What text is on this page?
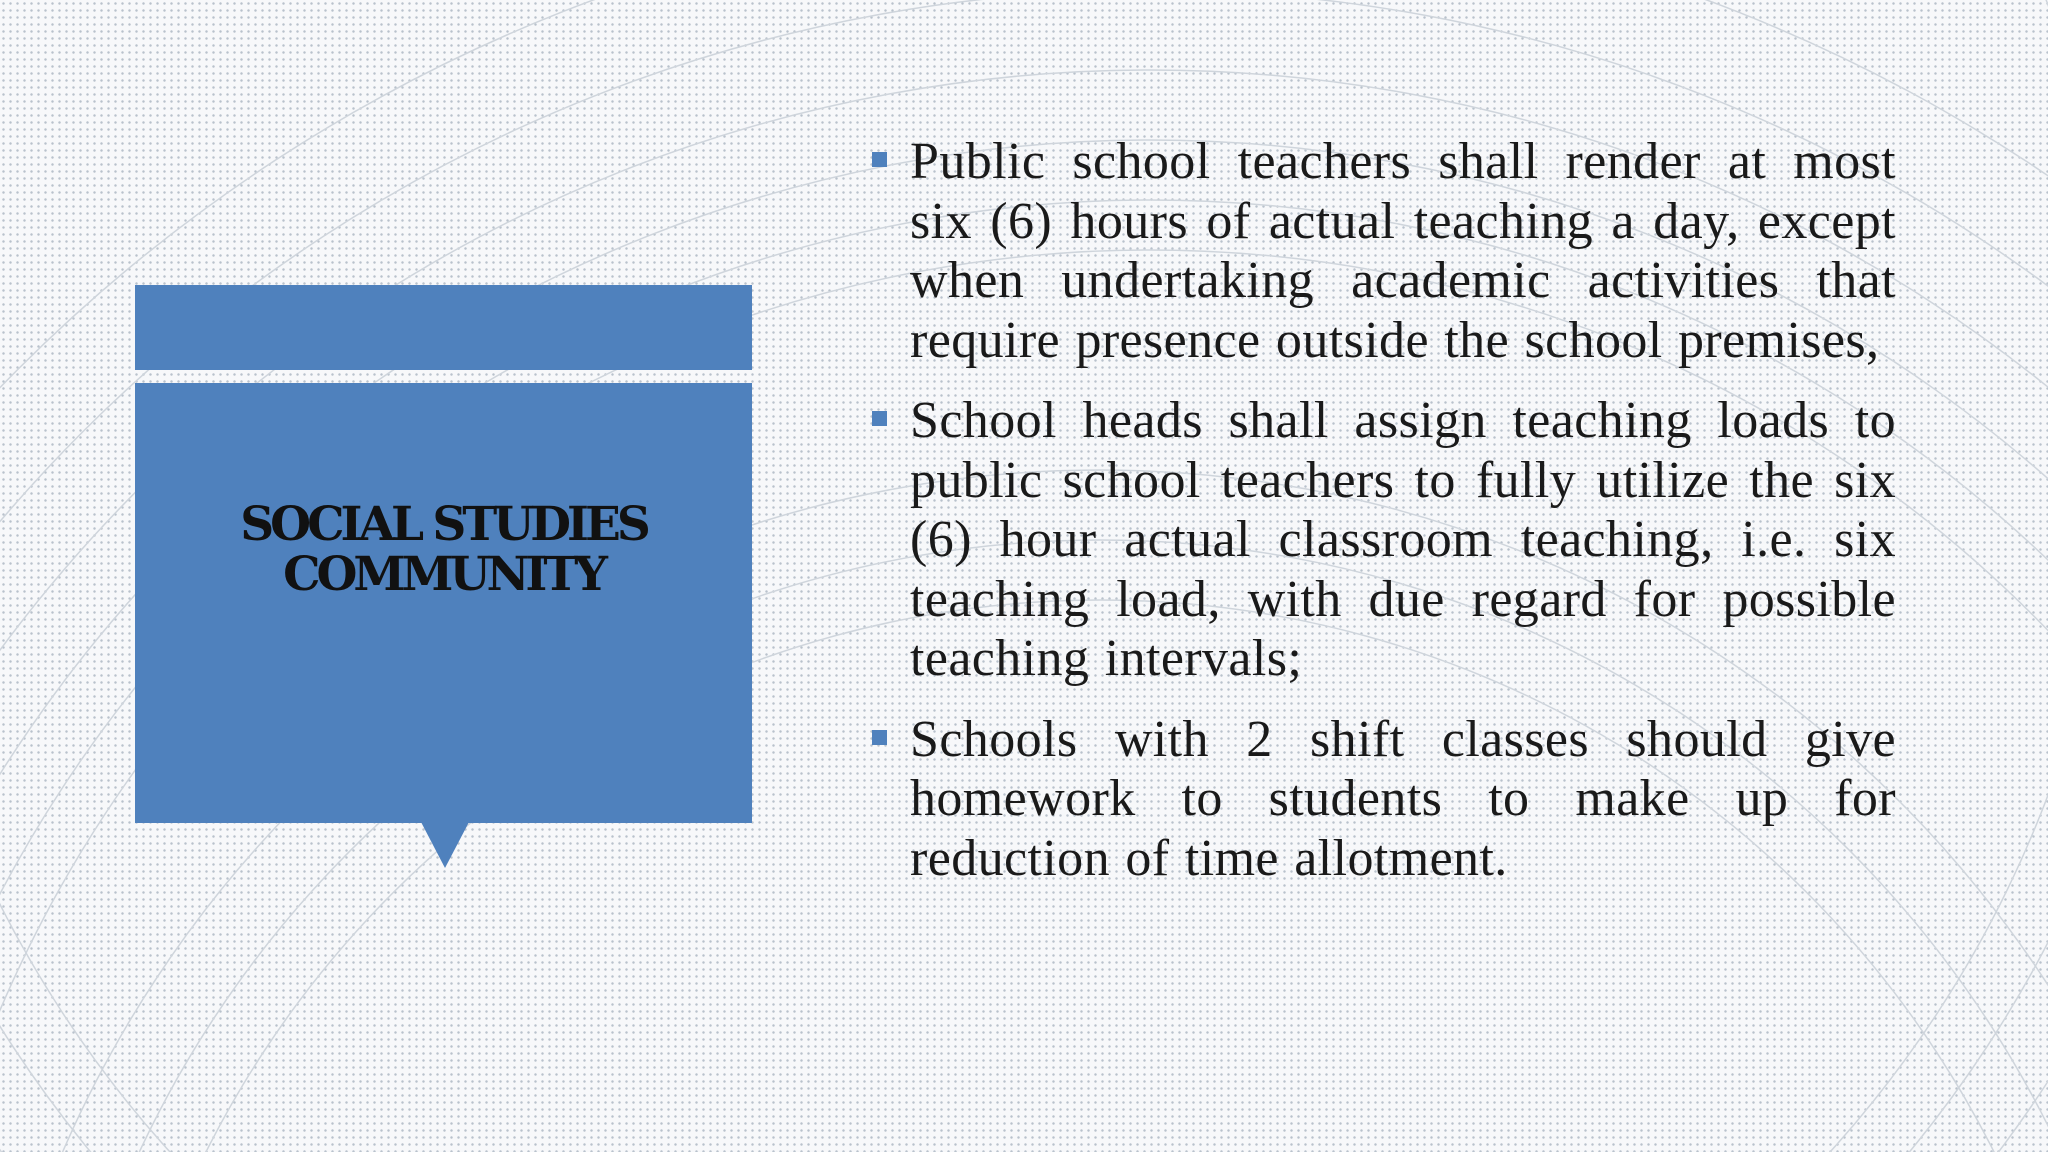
SOCIAL STUDIES
COMMUNITY
Public school teachers shall render at most six (6) hours of actual teaching a day, except when undertaking academic activities that require presence outside the school premises,
School heads shall assign teaching loads to public school teachers to fully utilize the six (6) hour actual classroom teaching, i.e. six teaching load, with due regard for possible teaching intervals;
Schools with 2 shift classes should give homework to students to make up for reduction of time allotment.
